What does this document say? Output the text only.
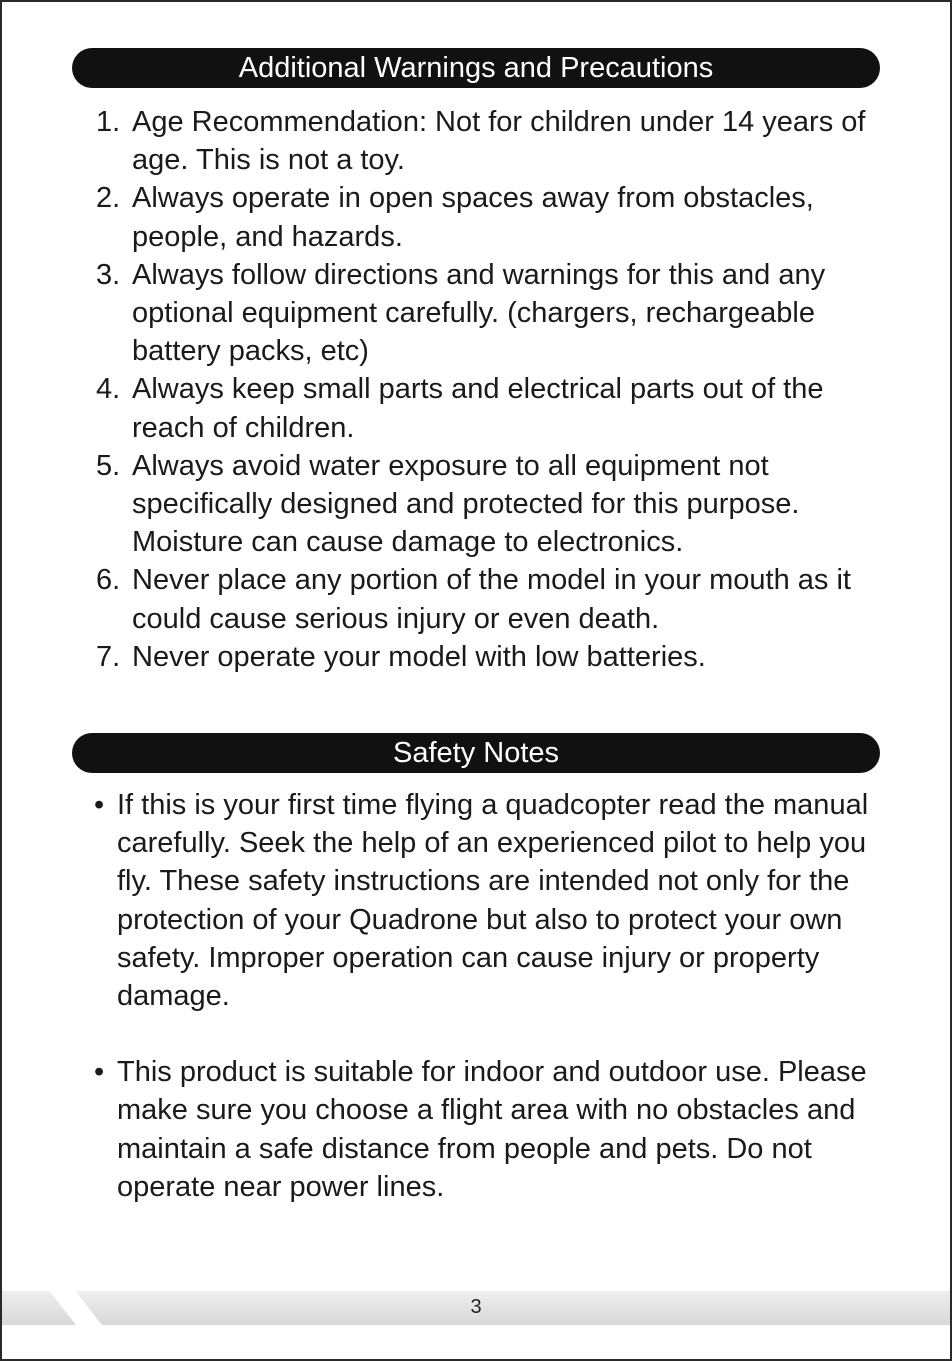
Additional Warnings and Precautions
1. Age Recommendation: Not for children under 14 years of age. This is not a toy.
2. Always operate in open spaces away from obstacles, people, and hazards.
3. Always follow directions and warnings for this and any optional equipment carefully. (chargers, rechargeable battery packs, etc)
4. Always keep small parts and electrical parts out of the reach of children.
5. Always avoid water exposure to all equipment not specifically designed and protected for this purpose. Moisture can cause damage to electronics.
6. Never place any portion of the model in your mouth as it could cause serious injury or even death.
7. Never operate your model with low batteries.
Safety Notes
• If this is your first time flying a quadcopter read the manual carefully. Seek the help of an experienced pilot to help you fly. These safety instructions are intended not only for the protection of your Quadrone but also to protect your own safety. Improper operation can cause injury or property damage.
• This product is suitable for indoor and outdoor use. Please make sure you choose a flight area with no obstacles and maintain a safe distance from people and pets. Do not operate near power lines.
3
